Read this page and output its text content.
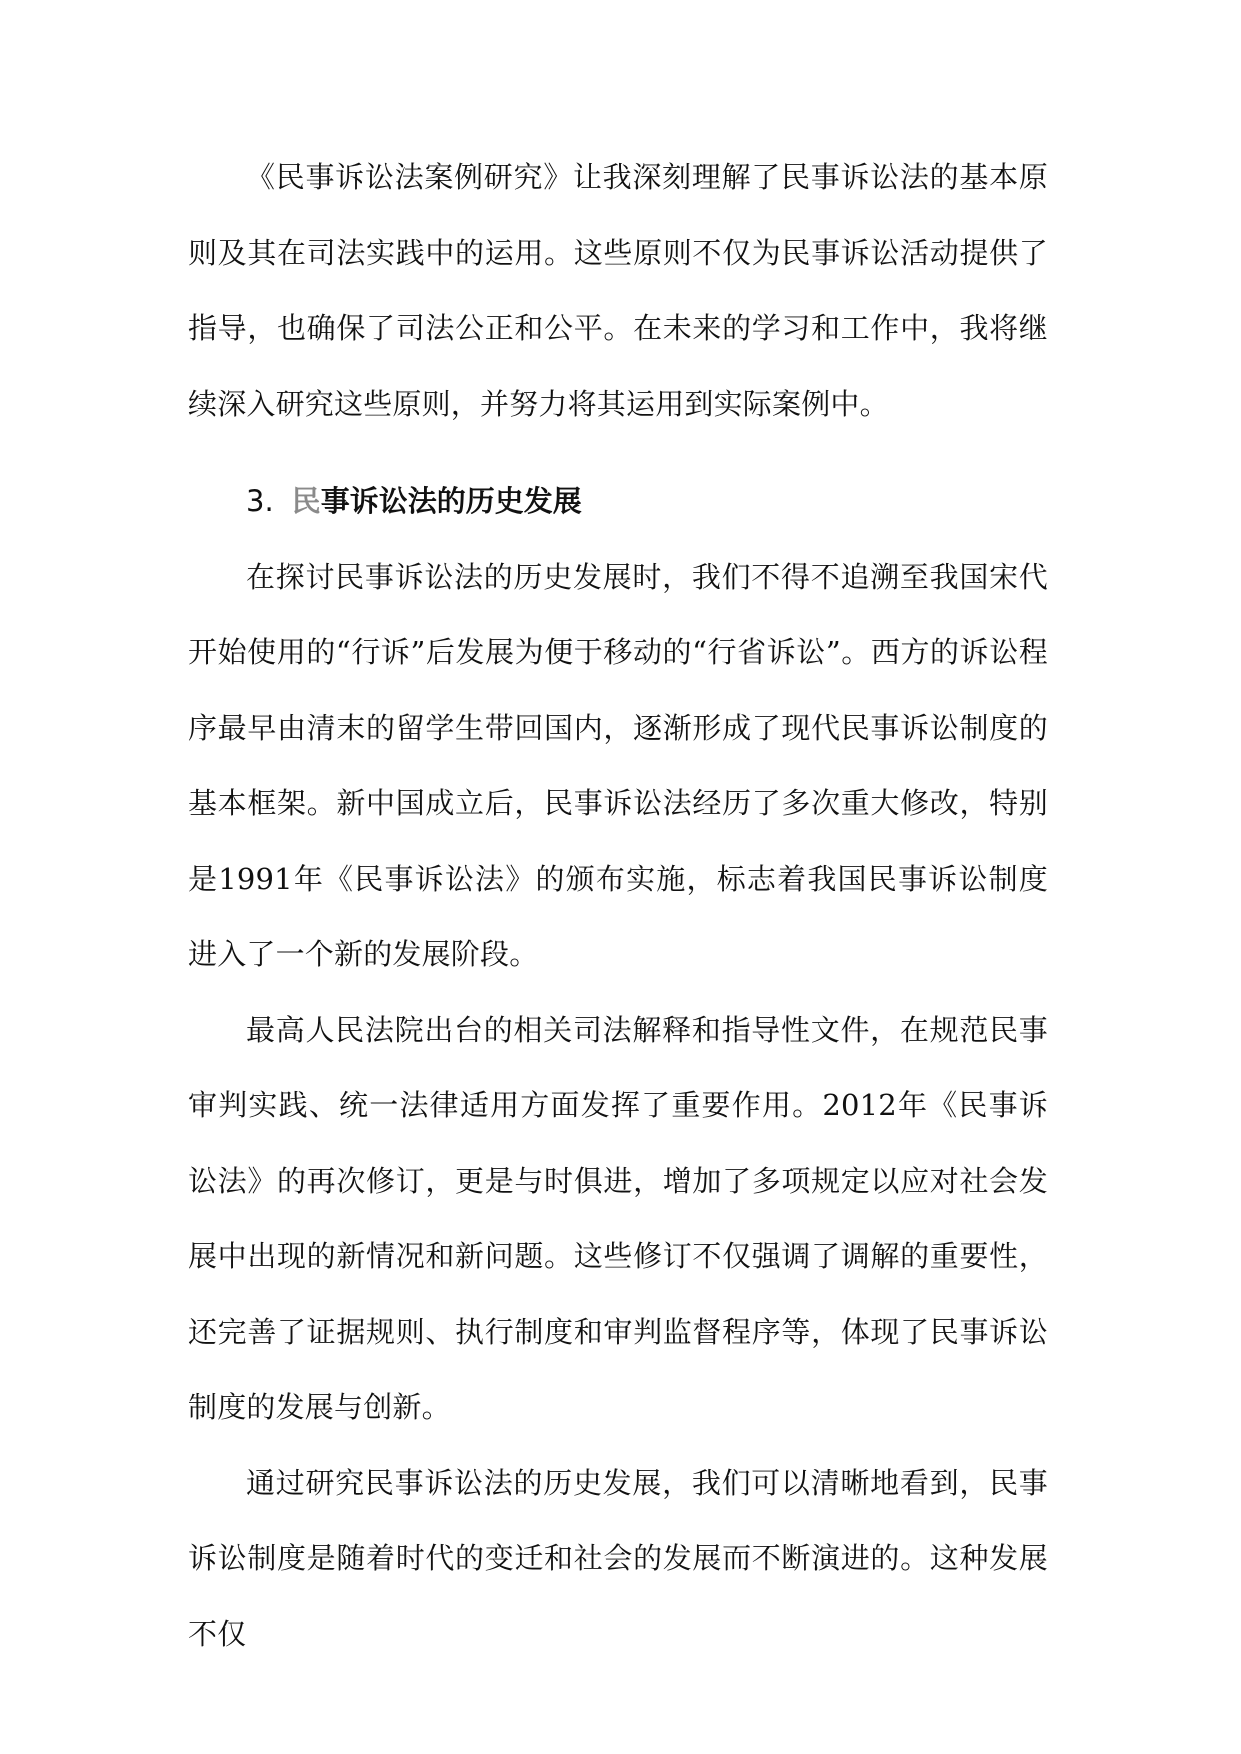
《民事诉讼法案例研究》让我深刻理解了民事诉讼法的基本原则及其在司法实践中的运用。这些原则不仅为民事诉讼活动提供了指导，也确保了司法公正和公平。在未来的学习和工作中，我将继续深入研究这些原则，并努力将其运用到实际案例中。

3. 民事诉讼法的历史发展

在探讨民事诉讼法的历史发展时，我们不得不追溯至我国宋代开始使用的“行诉”后发展为便于移动的“行省诉讼”。西方的诉讼程序最早由清末的留学生带回国内，逐渐形成了现代民事诉讼制度的基本框架。新中国成立后，民事诉讼法经历了多次重大修改，特别是1991年《民事诉讼法》的颁布实施，标志着我国民事诉讼制度进入了一个新的发展阶段。

最高人民法院出台的相关司法解释和指导性文件，在规范民事审判实践、统一法律适用方面发挥了重要作用。2012年《民事诉讼法》的再次修订，更是与时俱进，增加了多项规定以应对社会发展中出现的新情况和新问题。这些修订不仅强调了调解的重要性，还完善了证据规则、执行制度和审判监督程序等，体现了民事诉讼制度的发展与创新。

通过研究民事诉讼法的历史发展，我们可以清晰地看到，民事诉讼制度是随着时代的变迁和社会的发展而不断演进的。这种发展不仅
